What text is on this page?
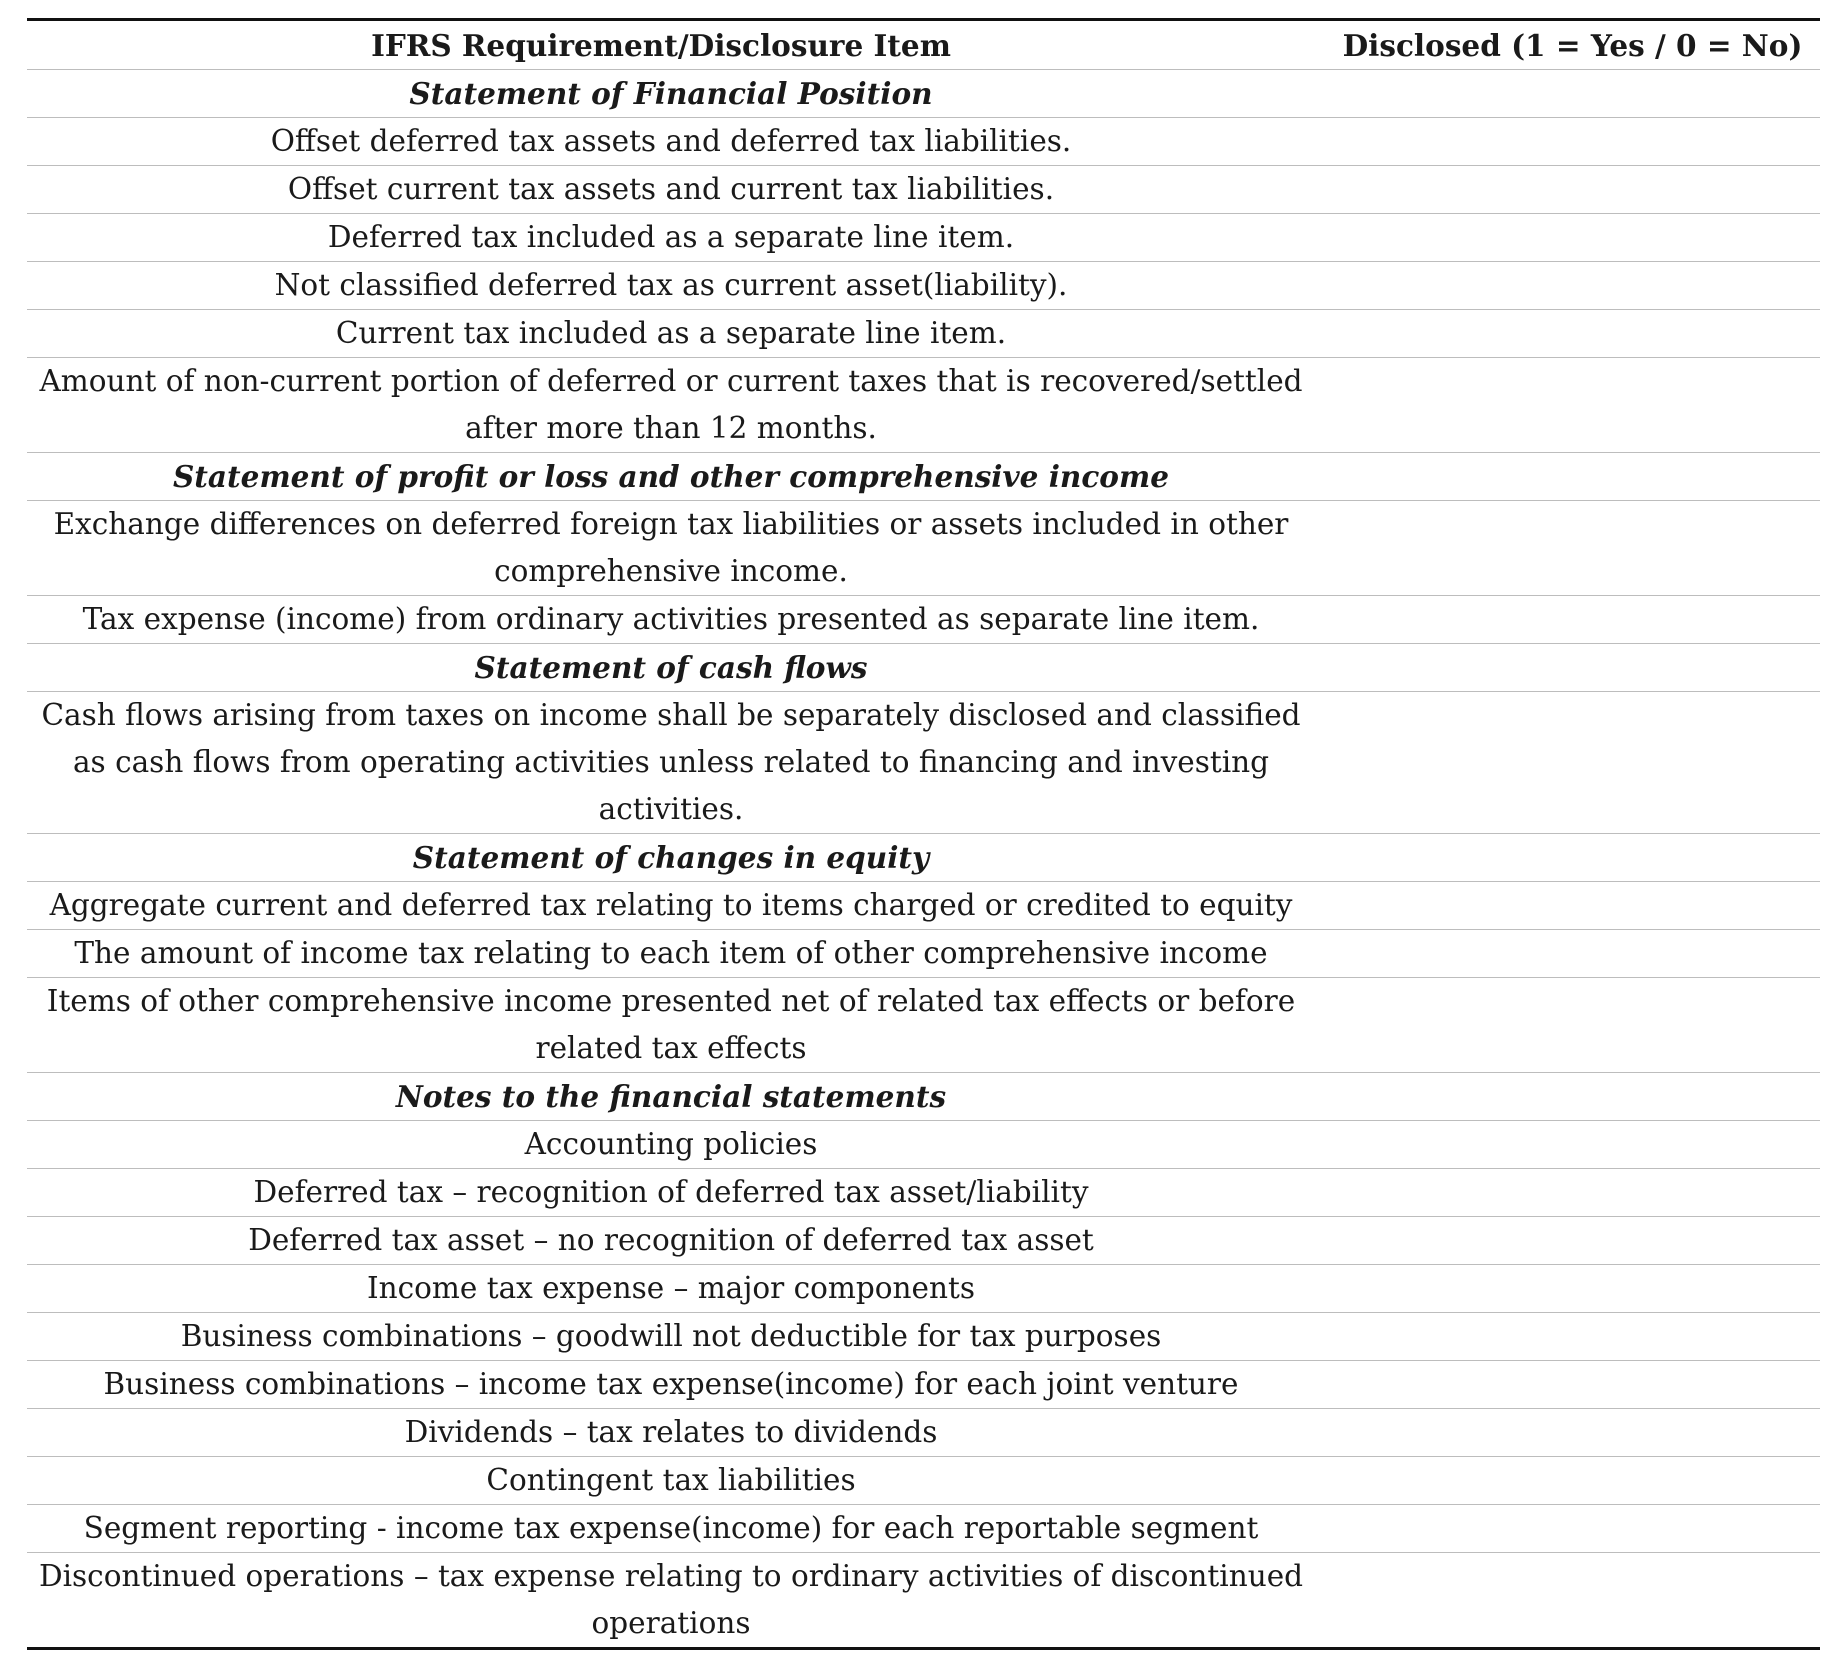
IFRS Requirement/Disclosure Item	Disclosed (1 = Yes / 0 = No)
Statement of Financial Position	
Offset deferred tax assets and deferred tax liabilities.	
Offset current tax assets and current tax liabilities.	
Deferred tax included as a separate line item.	
Not classified deferred tax as current asset(liability).	
Current tax included as a separate line item.	
Amount of non-current portion of deferred or current taxes that is recovered/settled after more than 12 months.	
Statement of profit or loss and other comprehensive income	
Exchange differences on deferred foreign tax liabilities or assets included in other comprehensive income.	
Tax expense (income) from ordinary activities presented as separate line item.	
Statement of cash flows	
Cash flows arising from taxes on income shall be separately disclosed and classified as cash flows from operating activities unless related to financing and investing activities.	
Statement of changes in equity	
Aggregate current and deferred tax relating to items charged or credited to equity	
The amount of income tax relating to each item of other comprehensive income	
Items of other comprehensive income presented net of related tax effects or before related tax effects	
Notes to the financial statements	
Accounting policies	
Deferred tax – recognition of deferred tax asset/liability	
Deferred tax asset – no recognition of deferred tax asset	
Income tax expense – major components	
Business combinations – goodwill not deductible for tax purposes	
Business combinations – income tax expense(income) for each joint venture	
Dividends – tax relates to dividends	
Contingent tax liabilities	
Segment reporting - income tax expense(income) for each reportable segment	
Discontinued operations – tax expense relating to ordinary activities of discontinued operations	
